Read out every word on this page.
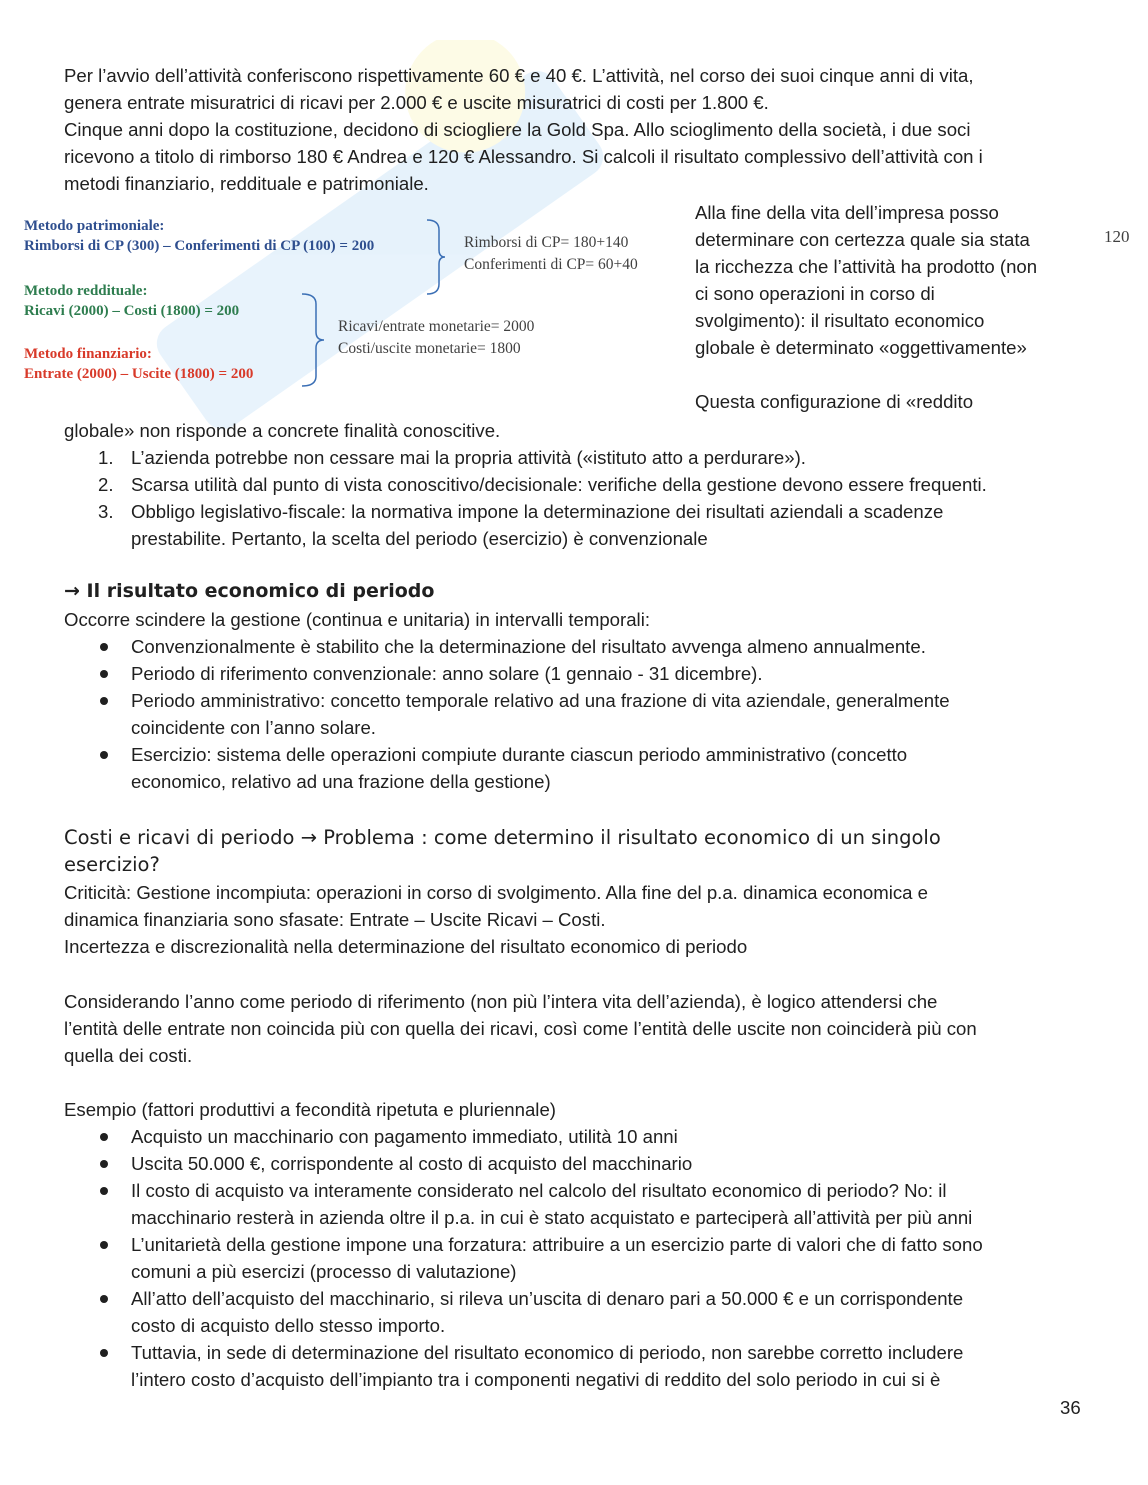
Per l’avvio dell’attività conferiscono rispettivamente 60 € e 40 €. L’attività, nel corso dei suoi cinque anni di vita,
genera entrate misuratrici di ricavi per 2.000 € e uscite misuratrici di costi per 1.800 €.
Cinque anni dopo la costituzione, decidono di sciogliere la Gold Spa. Allo scioglimento della società, i due soci
ricevono a titolo di rimborso 180 € Andrea e 120 € Alessandro. Si calcoli il risultato complessivo dell’attività con i
metodi finanziario, reddituale e patrimoniale.
Metodo patrimoniale:
Rimborsi di CP (300) – Conferimenti di CP (100) = 200
Metodo reddituale:
Ricavi (2000) – Costi (1800) = 200
Metodo finanziario:
Entrate (2000) – Uscite (1800) = 200
Rimborsi di CP= 180+140
Conferimenti di CP= 60+40
Ricavi/entrate monetarie= 2000
Costi/uscite monetarie= 1800
120
Alla fine della vita dell’impresa posso
determinare con certezza quale sia stata
la ricchezza che l’attività ha prodotto (non
ci sono operazioni in corso di
svolgimento): il risultato economico
globale è determinato «oggettivamente»
Questa configurazione di «reddito
globale» non risponde a concrete finalità conoscitive.
1. L’azienda potrebbe non cessare mai la propria attività («istituto atto a perdurare»).
2. Scarsa utilità dal punto di vista conoscitivo/decisionale: verifiche della gestione devono essere frequenti.
3. Obbligo legislativo-fiscale: la normativa impone la determinazione dei risultati aziendali a scadenze
prestabilite. Pertanto, la scelta del periodo (esercizio) è convenzionale
→ Il risultato economico di periodo
Occorre scindere la gestione (continua e unitaria) in intervalli temporali:
Convenzionalmente è stabilito che la determinazione del risultato avvenga almeno annualmente.
Periodo di riferimento convenzionale: anno solare (1 gennaio - 31 dicembre).
Periodo amministrativo: concetto temporale relativo ad una frazione di vita aziendale, generalmente
coincidente con l’anno solare.
Esercizio: sistema delle operazioni compiute durante ciascun periodo amministrativo (concetto
economico, relativo ad una frazione della gestione)
Costi e ricavi di periodo → Problema : come determino il risultato economico di un singolo
esercizio?
Criticità: Gestione incompiuta: operazioni in corso di svolgimento. Alla fine del p.a. dinamica economica e
dinamica finanziaria sono sfasate: Entrate – Uscite Ricavi – Costi.
Incertezza e discrezionalità nella determinazione del risultato economico di periodo
Considerando l’anno come periodo di riferimento (non più l’intera vita dell’azienda), è logico attendersi che
l’entità delle entrate non coincida più con quella dei ricavi, così come l’entità delle uscite non coinciderà più con
quella dei costi.
Esempio (fattori produttivi a fecondità ripetuta e pluriennale)
Acquisto un macchinario con pagamento immediato, utilità 10 anni
Uscita 50.000 €, corrispondente al costo di acquisto del macchinario
Il costo di acquisto va interamente considerato nel calcolo del risultato economico di periodo? No: il
macchinario resterà in azienda oltre il p.a. in cui è stato acquistato e parteciperà all’attività per più anni
L’unitarietà della gestione impone una forzatura: attribuire a un esercizio parte di valori che di fatto sono
comuni a più esercizi (processo di valutazione)
All’atto dell’acquisto del macchinario, si rileva un’uscita di denaro pari a 50.000 € e un corrispondente
costo di acquisto dello stesso importo.
Tuttavia, in sede di determinazione del risultato economico di periodo, non sarebbe corretto includere
l’intero costo d’acquisto dell’impianto tra i componenti negativi di reddito del solo periodo in cui si è
36
